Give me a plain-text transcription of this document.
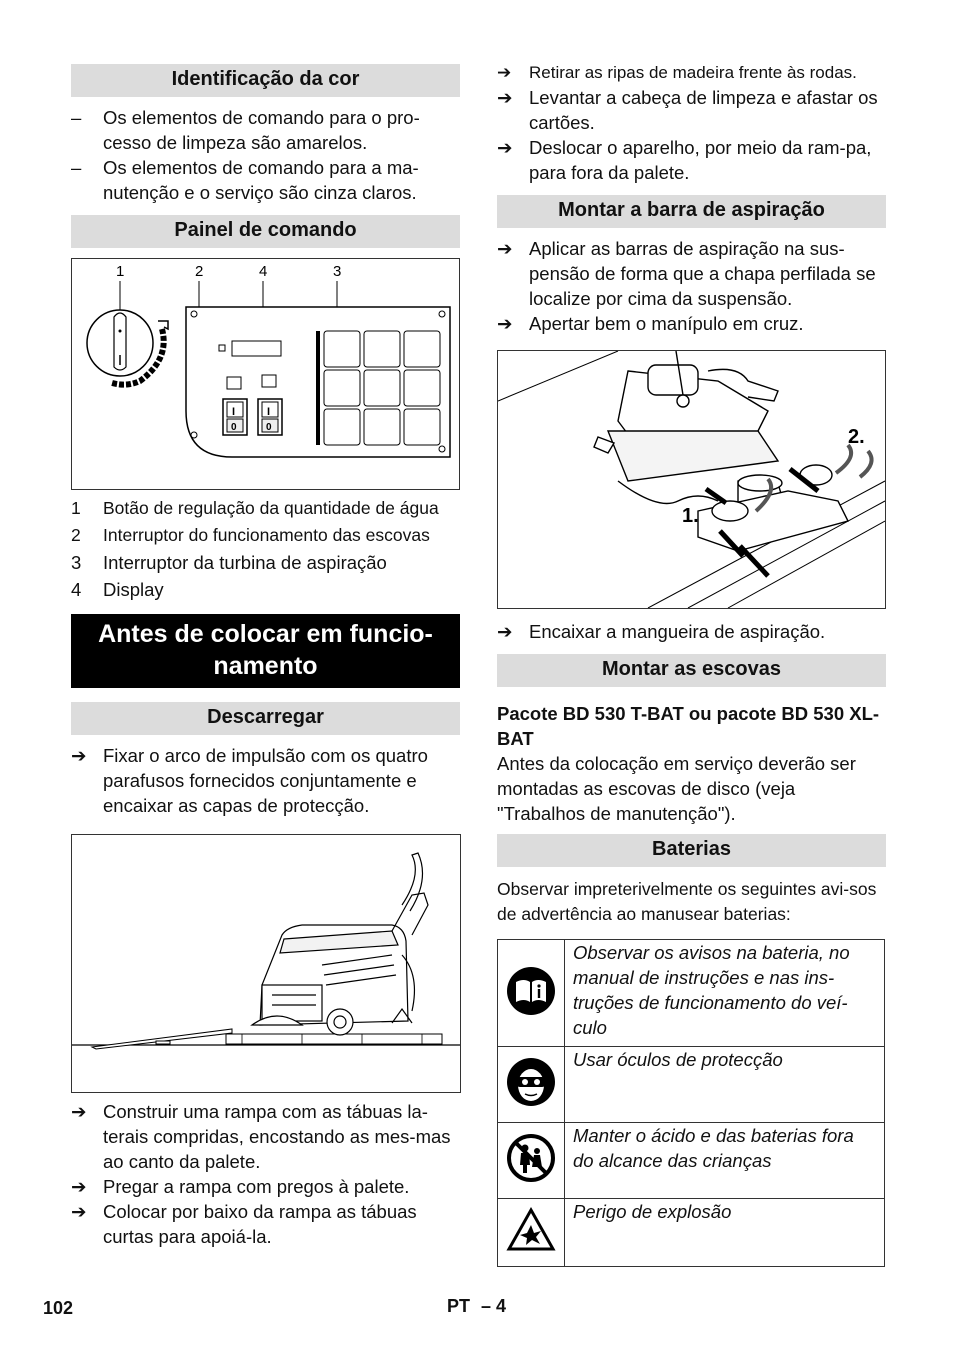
Identificação da cor
– Os elementos de comando para o pro-cesso de limpeza são amarelos.
– Os elementos de comando para a ma-nutenção e o serviço são cinza claros.
Painel de comando
1	2	4	3
I
0
I
0
1 Botão de regulação da quantidade de água
2 Interruptor do funcionamento das escovas
3 Interruptor da turbina de aspiração
4 Display
Antes de colocar em funcio-namento
Descarregar
➔ Fixar o arco de impulsão com os quatro parafusos fornecidos conjuntamente e encaixar as capas de protecção.
➔ Construir uma rampa com as tábuas la-terais compridas, encostando as mes-mas ao canto da palete.
➔ Pregar a rampa com pregos à palete.
➔ Colocar por baixo da rampa as tábuas curtas para apoiá-la.
➔ Retirar as ripas de madeira frente às rodas.
➔ Levantar a cabeça de limpeza e afastar os cartões.
➔ Deslocar o aparelho, por meio da ram-pa, para fora da palete.
Montar a barra de aspiração
➔ Aplicar as barras de aspiração na sus-pensão de forma que a chapa perfilada se localize por cima da suspensão.
➔ Apertar bem o manípulo em cruz.
1.
2.
➔ Encaixar a mangueira de aspiração.
Montar as escovas
Pacote BD 530 T-BAT ou pacote BD 530 XL-BAT

Antes da colocação em serviço deverão ser montadas as escovas de disco (veja "Trabalhos de manutenção").

Baterias

Observar impreterivelmente os seguintes avi-sos de advertência ao manusear baterias:

	Observar os avisos na bateria, no manual de instruções e nas ins-truções de funcionamento do veí-culo
	Usar óculos de protecção
	Manter o ácido e das baterias fora do alcance das crianças
	Perigo de explosão
102	PT – 4
